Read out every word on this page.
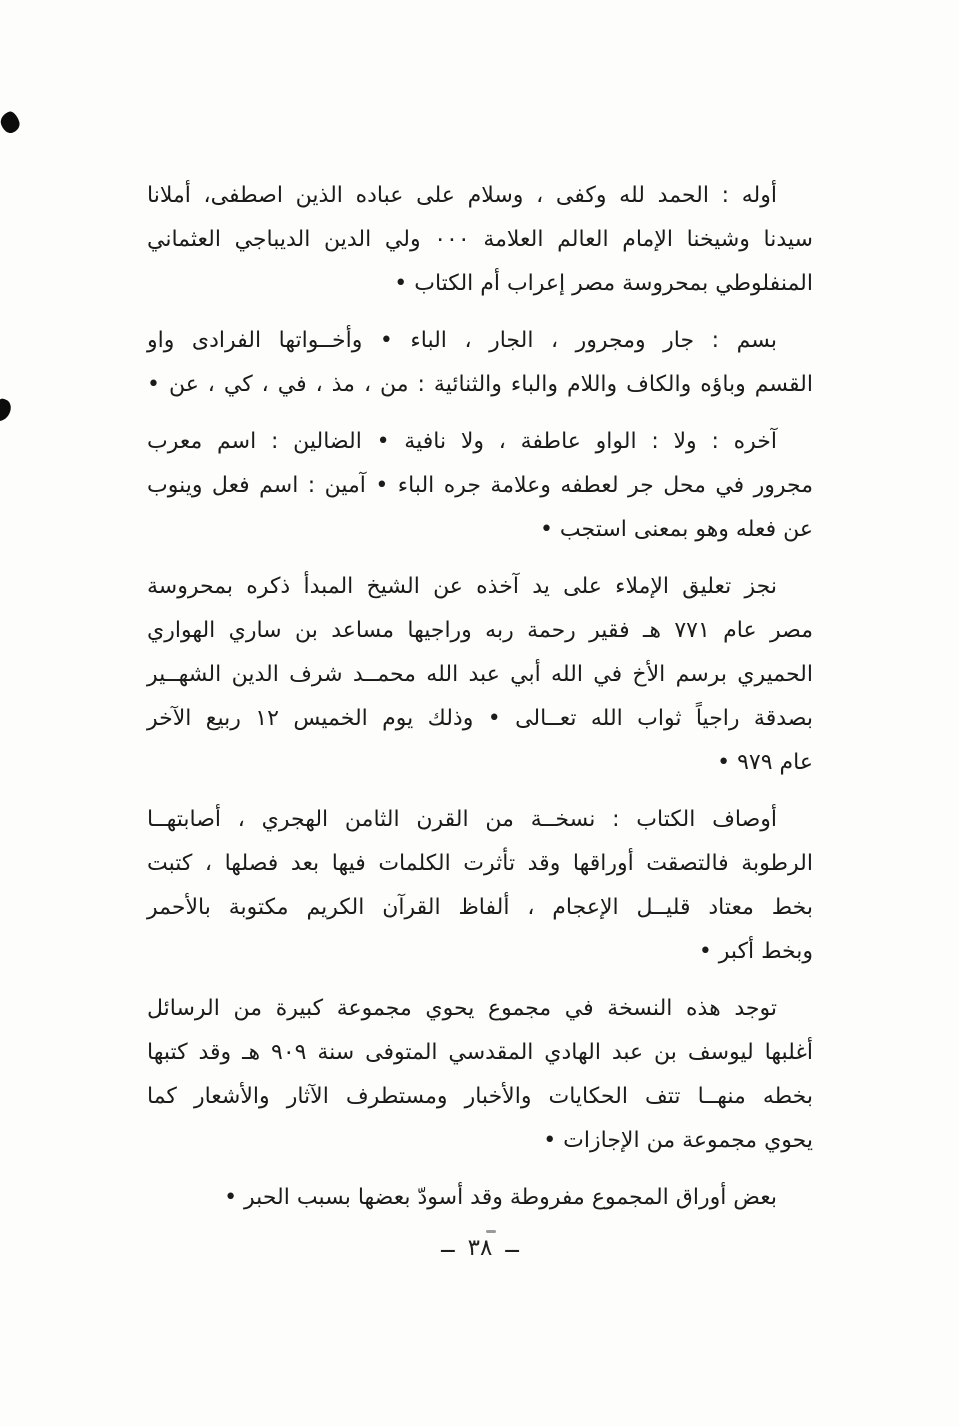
أوله : الحمد لله وكفى ، وسلام على عباده الذين اصطفى، أملانا
سيدنا وشيخنا الإمام العالم العلامة ٠٠٠ ولي الدين الديباجي العثماني
المنفلوطي بمحروسة مصر إعراب أم الكتاب •
بسم : جار ومجرور ، الجار ، الباء • وأخــواتها الفرادى واو
القسم وباؤه والكاف واللام والباء والثنائية : من ، مذ ، في ، كي ، عن •
آخره : ولا : الواو عاطفة ، ولا نافية • الضالين : اسم معرب
مجرور في محل جر لعطفه وعلامة جره الباء • آمين : اسم فعل وينوب
عن فعله وهو بمعنى استجب •
نجز تعليق الإملاء على يد آخذه عن الشيخ المبدأ ذكره بمحروسة
مصر عام ٧٧١ هـ فقير رحمة ربه وراجيها مساعد بن ساري الهواري
الحميري برسم الأخ في الله أبي عبد الله محمــد شرف الدين الشهــير
بصدقة راجياً ثواب الله تعــالى • وذلك يوم الخميس ١٢ ربيع الآخر
عام ٩٧٩ •
أوصاف الكتاب : نسخــة من القرن الثامن الهجري ، أصابتهــا
الرطوبة فالتصقت أوراقها وقد تأثرت الكلمات فيها بعد فصلها ، كتبت
بخط معتاد قليــل الإعجام ، ألفاظ القرآن الكريم مكتوبة بالأحمر
وبخط أكبر •
توجد هذه النسخة في مجموع يحوي مجموعة كبيرة من الرسائل
أغلبها ليوسف بن عبد الهادي المقدسي المتوفى سنة ٩٠٩ هـ وقد كتبها
بخطه منهــا تتف الحكايات والأخبار ومستطرف الآثار والأشعار كما
يحوي مجموعة من الإجازات •
بعض أوراق المجموع مفروطة وقد أسودّ بعضها بسبب الحبر •
ــ٣٨ــ
